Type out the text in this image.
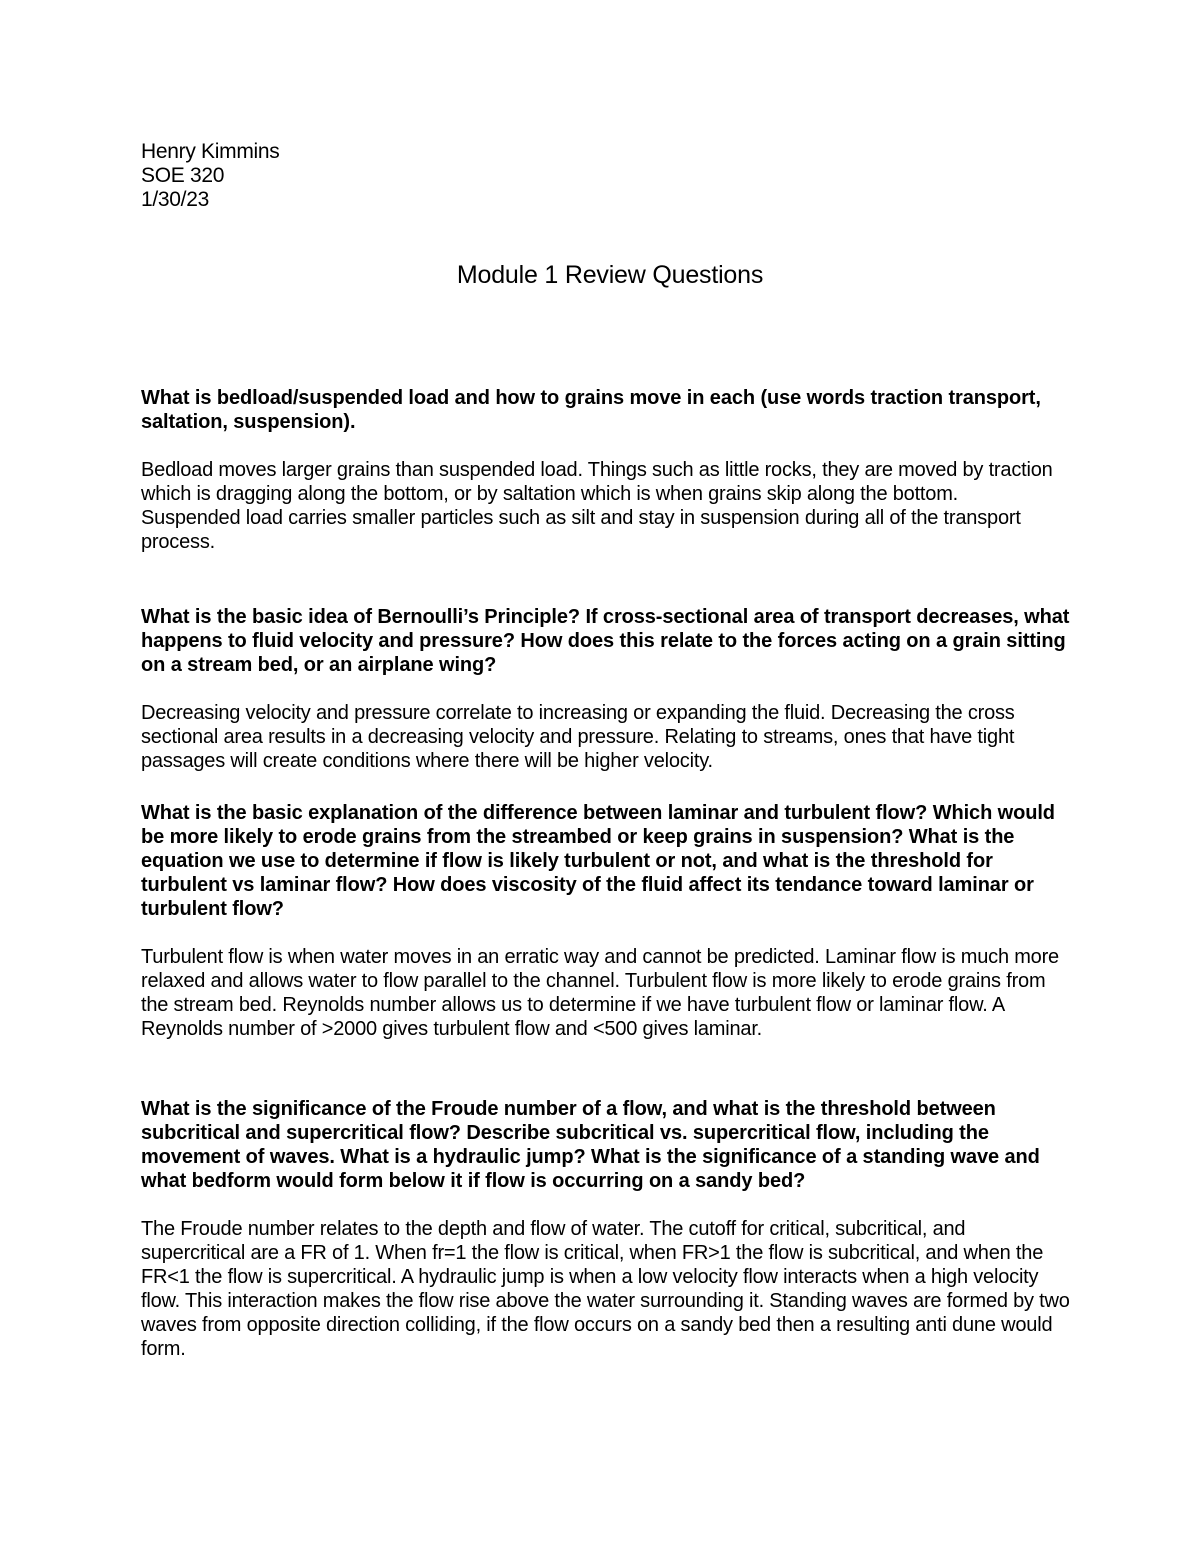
Henry Kimmins
SOE 320
1/30/23
Module 1 Review Questions

What is bedload/suspended load and how to grains move in each (use words traction transport, saltation, suspension).

Bedload moves larger grains than suspended load. Things such as little rocks, they are moved by traction which is dragging along the bottom, or by saltation which is when grains skip along the bottom.
Suspended load carries smaller particles such as silt and stay in suspension during all of the transport process.

What is the basic idea of Bernoulli’s Principle? If cross-sectional area of transport decreases, what happens to fluid velocity and pressure? How does this relate to the forces acting on a grain sitting on a stream bed, or an airplane wing?

Decreasing velocity and pressure correlate to increasing or expanding the fluid. Decreasing the cross sectional area results in a decreasing velocity and pressure. Relating to streams, ones that have tight passages will create conditions where there will be higher velocity.

What is the basic explanation of the difference between laminar and turbulent flow? Which would be more likely to erode grains from the streambed or keep grains in suspension? What is the equation we use to determine if flow is likely turbulent or not, and what is the threshold for turbulent vs laminar flow? How does viscosity of the fluid affect its tendance toward laminar or turbulent flow?

Turbulent flow is when water moves in an erratic way and cannot be predicted. Laminar flow is much more relaxed and allows water to flow parallel to the channel. Turbulent flow is more likely to erode grains from the stream bed. Reynolds number allows us to determine if we have turbulent flow or laminar flow. A Reynolds number of >2000 gives turbulent flow and <500 gives laminar.

What is the significance of the Froude number of a flow, and what is the threshold between subcritical and supercritical flow? Describe subcritical vs. supercritical flow, including the movement of waves. What is a hydraulic jump? What is the significance of a standing wave and what bedform would form below it if flow is occurring on a sandy bed?

The Froude number relates to the depth and flow of water. The cutoff for critical, subcritical, and supercritical are a FR of 1. When fr=1 the flow is critical, when FR>1 the flow is subcritical, and when the FR<1 the flow is supercritical. A hydraulic jump is when a low velocity flow interacts when a high velocity flow. This interaction makes the flow rise above the water surrounding it. Standing waves are formed by two waves from opposite direction colliding, if the flow occurs on a sandy bed then a resulting anti dune would form.
